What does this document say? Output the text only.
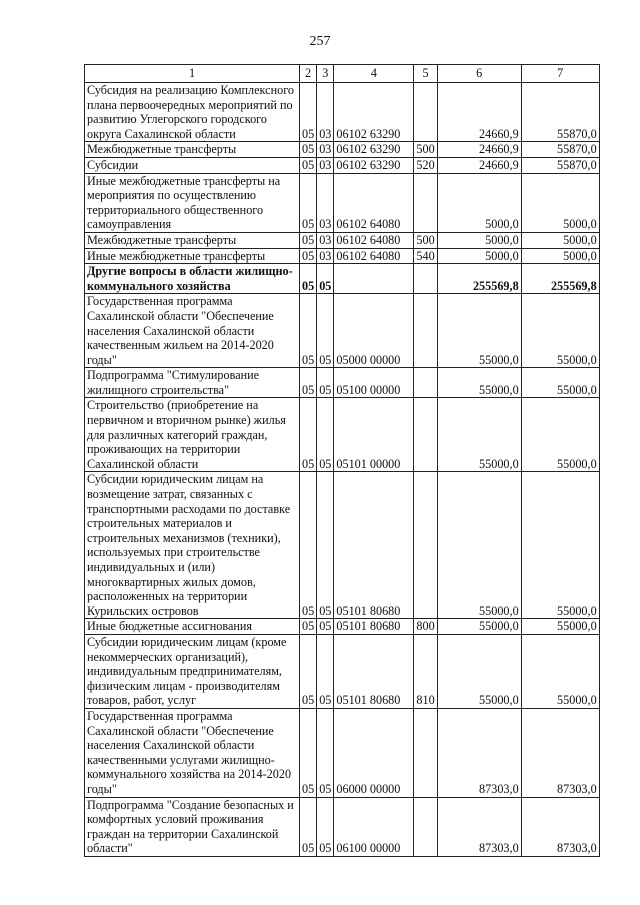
257
1	2	3	4	5	6	7
Субсидия на реализацию Комплексного плана первоочередных мероприятий по развитию Углегорского городского округа Сахалинской области	05	03	06102 63290		24660,9	55870,0
Межбюджетные трансферты	05	03	06102 63290	500	24660,9	55870,0
Субсидии	05	03	06102 63290	520	24660,9	55870,0
Иные межбюджетные трансферты на мероприятия по осуществлению территориального общественного самоуправления	05	03	06102 64080		5000,0	5000,0
Межбюджетные трансферты	05	03	06102 64080	500	5000,0	5000,0
Иные межбюджетные трансферты	05	03	06102 64080	540	5000,0	5000,0
Другие вопросы в области жилищно-коммунального хозяйства	05	05			255569,8	255569,8
Государственная программа Сахалинской области "Обеспечение населения Сахалинской области качественным жильем на 2014-2020 годы"	05	05	05000 00000		55000,0	55000,0
Подпрограмма "Стимулирование жилищного строительства"	05	05	05100 00000		55000,0	55000,0
Строительство (приобретение на первичном и вторичном рынке) жилья для различных категорий граждан, проживающих на территории Сахалинской области	05	05	05101 00000		55000,0	55000,0
Субсидии юридическим лицам на возмещение затрат, связанных с транспортными расходами по доставке строительных материалов и строительных механизмов (техники), используемых при строительстве индивидуальных и (или) многоквартирных жилых домов, расположенных на территории Курильских островов	05	05	05101 80680		55000,0	55000,0
Иные бюджетные ассигнования	05	05	05101 80680	800	55000,0	55000,0
Субсидии юридическим лицам (кроме некоммерческих организаций), индивидуальным предпринимателям, физическим лицам - производителям товаров, работ, услуг	05	05	05101 80680	810	55000,0	55000,0
Государственная программа Сахалинской области "Обеспечение населения Сахалинской области качественными услугами жилищно-коммунального хозяйства на 2014-2020 годы"	05	05	06000 00000		87303,0	87303,0
Подпрограмма "Создание безопасных и комфортных условий проживания граждан на территории Сахалинской области"	05	05	06100 00000		87303,0	87303,0
